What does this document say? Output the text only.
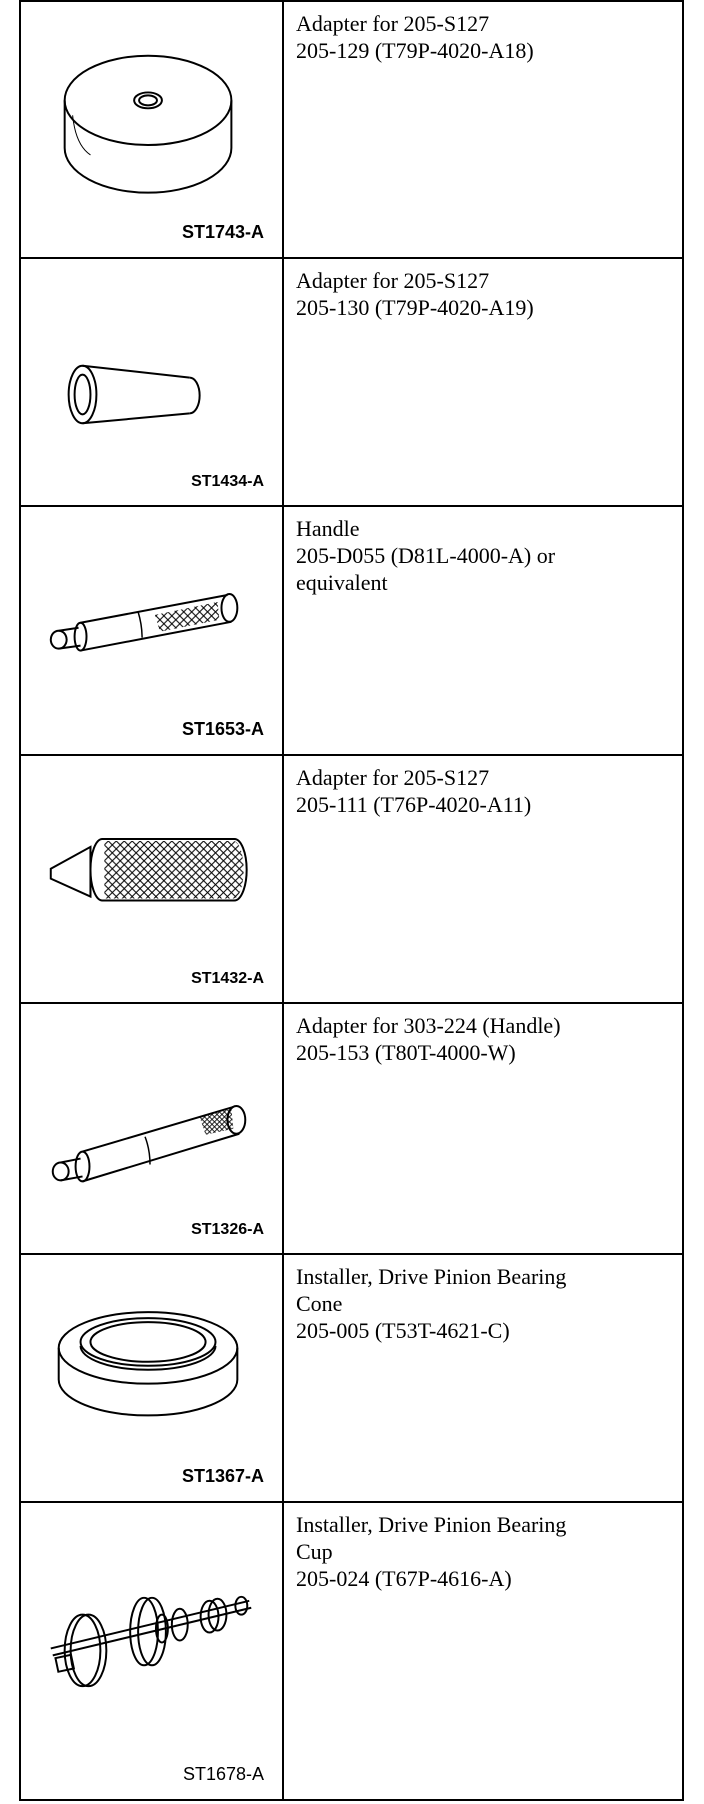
ST1743-A	Adapter for 205-S127
205-129 (T79P-4020-A18)

ST1434-A	Adapter for 205-S127
205-130 (T79P-4020-A19)

ST1653-A	Handle
205-D055 (D81L-4000-A) or
equivalent

ST1432-A	Adapter for 205-S127
205-111 (T76P-4020-A11)

ST1326-A	Adapter for 303-224 (Handle)
205-153 (T80T-4000-W)

ST1367-A	Installer, Drive Pinion Bearing
Cone
205-005 (T53T-4621-C)

ST1678-A	Installer, Drive Pinion Bearing
Cup
205-024 (T67P-4616-A)
